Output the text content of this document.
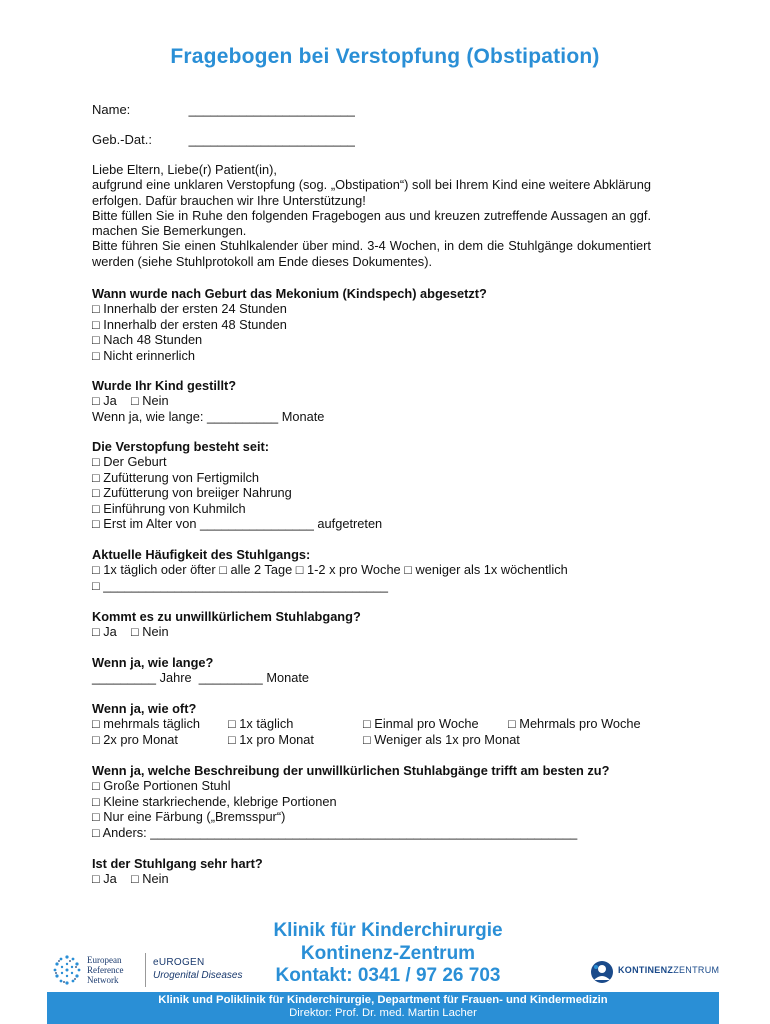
Fragebogen bei Verstopfung (Obstipation)
Name:	_______________________
Geb.-Dat.:	_______________________

Liebe Eltern, Liebe(r) Patient(in),

aufgrund eine unklaren Verstopfung (sog. „Obstipation“) soll bei Ihrem Kind eine weitere Abklärung erfolgen. Dafür brauchen wir Ihre Unterstützung!

Bitte füllen Sie in Ruhe den folgenden Fragebogen aus und kreuzen zutreffende Aussagen an ggf. machen Sie Bemerkungen.

Bitte führen Sie einen Stuhlkalender über mind. 3-4 Wochen, in dem die Stuhlgänge dokumentiert werden (siehe Stuhlprotokoll am Ende dieses Dokumentes).

Wann wurde nach Geburt das Mekonium (Kindspech) abgesetzt?
□ Innerhalb der ersten 24 Stunden
□ Innerhalb der ersten 48 Stunden
□ Nach 48 Stunden
□ Nicht erinnerlich
Wurde Ihr Kind gestillt?
□ Ja    □ Nein
Wenn ja, wie lange: __________ Monate
Die Verstopfung besteht seit:
□ Der Geburt
□ Zufütterung von Fertigmilch
□ Zufütterung von breiiger Nahrung
□ Einführung von Kuhmilch
□ Erst im Alter von ________________ aufgetreten
Aktuelle Häufigkeit des Stuhlgangs:
□ 1x täglich oder öfter □ alle 2 Tage □ 1-2 x pro Woche □ weniger als 1x wöchentlich
□ ________________________________________
Kommt es zu unwillkürlichem Stuhlabgang?
□ Ja    □ Nein
Wenn ja, wie lange?
_________ Jahre  _________ Monate
Wenn ja, wie oft?
□ mehrmals täglich □ 1x täglich	□ Einmal pro Woche □ Mehrmals pro Woche
□ 2x pro Monat	□ 1x pro Monat	□ Weniger als 1x pro Monat
Wenn ja, welche Beschreibung der unwillkürlichen Stuhlabgänge trifft am besten zu?
□ Große Portionen Stuhl
□ Kleine starkriechende, klebrige Portionen
□ Nur eine Färbung („Bremsspur“)
□ Anders: ____________________________________________________________
Ist der Stuhlgang sehr hart?
□ Ja    □ Nein
Klinik für Kinderchirurgie
Kontinenz-Zentrum
Kontakt: 0341 / 97 26 703
European
Reference
Network
eUROGEN
Urogenital Diseases	KONTINENZZENTRUM
Klinik und Poliklinik für Kinderchirurgie, Department für Frauen- und Kindermedizin
Direktor: Prof. Dr. med. Martin Lacher
